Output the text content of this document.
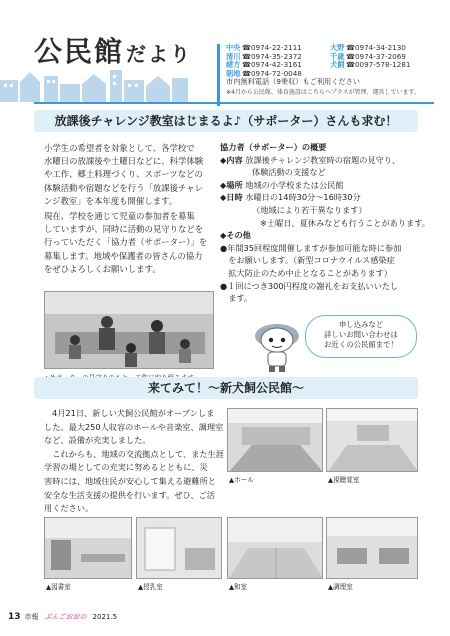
公民館 だより	中央 ☎0974-22-2111	大野 ☎0974-34-2130
清川 ☎0974-35-2372	千歳 ☎0974-37-2069
緒方 ☎0974-42-3161	犬飼 ☎0097-578-1281
朝地 ☎0974-72-0048
市内無料電話（9乗収）もご利用ください
※4月から公民館、体育施設はこちらへプラスが管理、運営しています。
放課後チャレンジ教室はじまるよ♪（サポーター）さんも求む！
小学生の希望者を対象として、各学校で
水曜日の放課後や土曜日などに、科学体験
や工作、郷土料理づくり、スポーツなどの
体験活動や宿題などを行う「放課後チャレ
ンジ教室」を本年度も開催します。
現在、学校を通じて児童の参加者を募集
していますが、同時に活動の見守りなどを
行っていただく「協力者（サポーター）」を
募集します。地域や保護者の皆さんの協力
をぜひよろしくお願いします。
協力者（サポーター）の概要
◆内容 放課後チャレンジ教室時の宿題の見守り、
体験活動の支援など
◆場所 地域の小学校または公民館
◆日時 水曜日の14時30分～16時30分
（地域により若干異なります）
※土曜日、夏休みなども行うことがあります。
◆その他
●年間35回程度開催しますが参加可能な時に参加
　をお願いします。（新型コロナウイルス感染症
　拡大防止のため中止となることがあります）
●１回につき300円程度の謝礼をお支払いいたし
　ます。
申し込みなど
詳しいお問い合わせは
お近くの公民館まで！
来てみて！～新犬飼公民館～
4月21日、新しい犬飼公民館がオープンしま
した。最大250人収容のホールや音楽室、調理室
など、設備が充実しました。
　これからも、地域の交流拠点として、また生涯
学習の場としての充実に努めるとともに、災
害時には、地域住民が安心して集える避難所と
安全な生活支援の提供を行います。ぜひ、ご活
用ください。
▲ホール	▲視聴覚室
▲図書室	▲授乳室	▲和室	▲調理室
13 市報 ぶんごおおの 2021.5
